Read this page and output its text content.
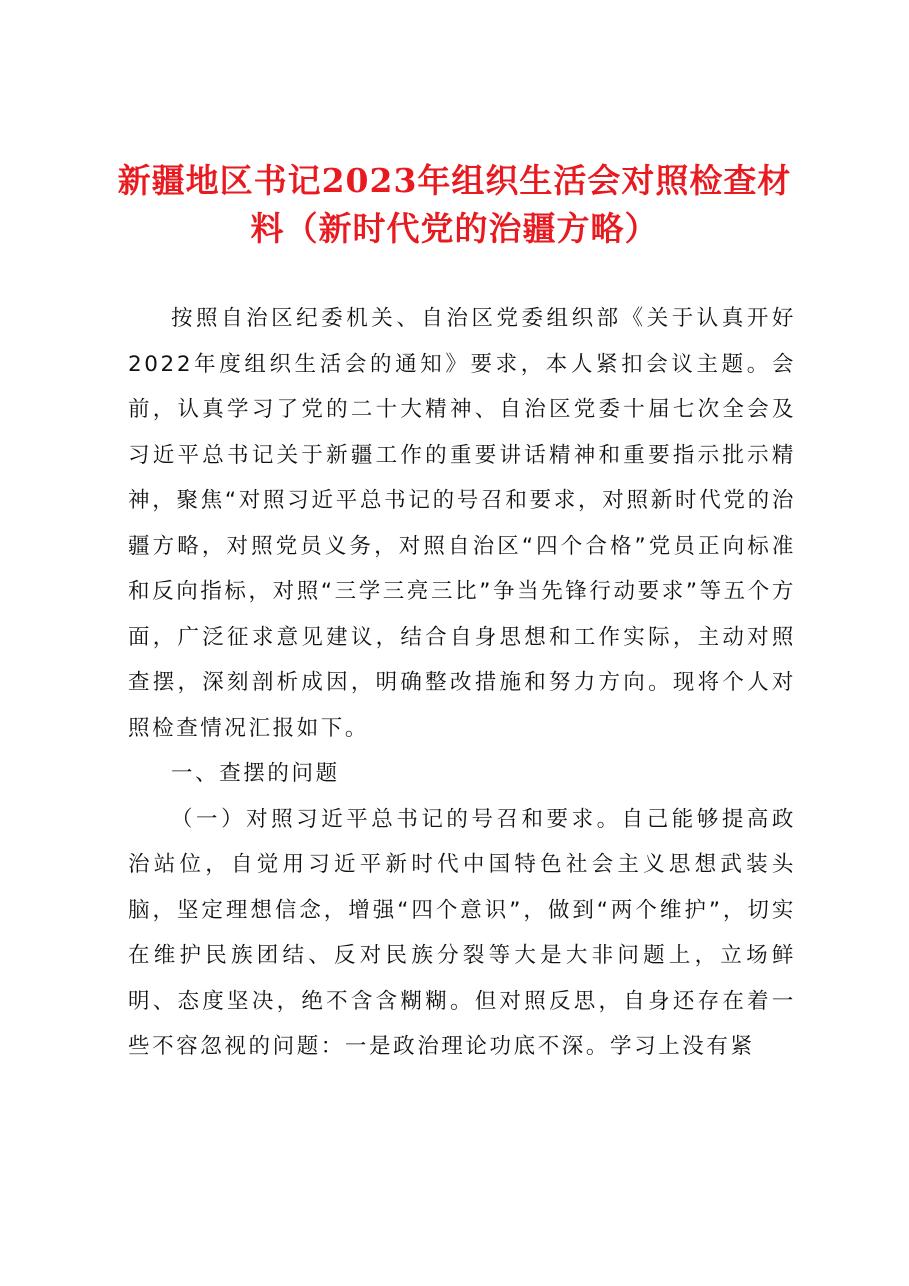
新疆地区书记2023年组织生活会对照检查材料（新时代党的治疆方略）

按照自治区纪委机关、自治区党委组织部《关于认真开好2022年度组织生活会的通知》要求，本人紧扣会议主题。会前，认真学习了党的二十大精神、自治区党委十届七次全会及习近平总书记关于新疆工作的重要讲话精神和重要指示批示精神，聚焦“对照习近平总书记的号召和要求，对照新时代党的治疆方略，对照党员义务，对照自治区“四个合格”党员正向标准和反向指标，对照“三学三亮三比”争当先锋行动要求”等五个方面，广泛征求意见建议，结合自身思想和工作实际，主动对照查摆，深刻剖析成因，明确整改措施和努力方向。现将个人对照检查情况汇报如下。

一、查摆的问题

（一）对照习近平总书记的号召和要求。自己能够提高政治站位，自觉用习近平新时代中国特色社会主义思想武装头脑，坚定理想信念，增强“四个意识”，做到“两个维护”，切实在维护民族团结、反对民族分裂等大是大非问题上，立场鲜明、态度坚决，绝不含含糊糊。但对照反思，自身还存在着一些不容忽视的问题：一是政治理论功底不深。学习上没有紧
